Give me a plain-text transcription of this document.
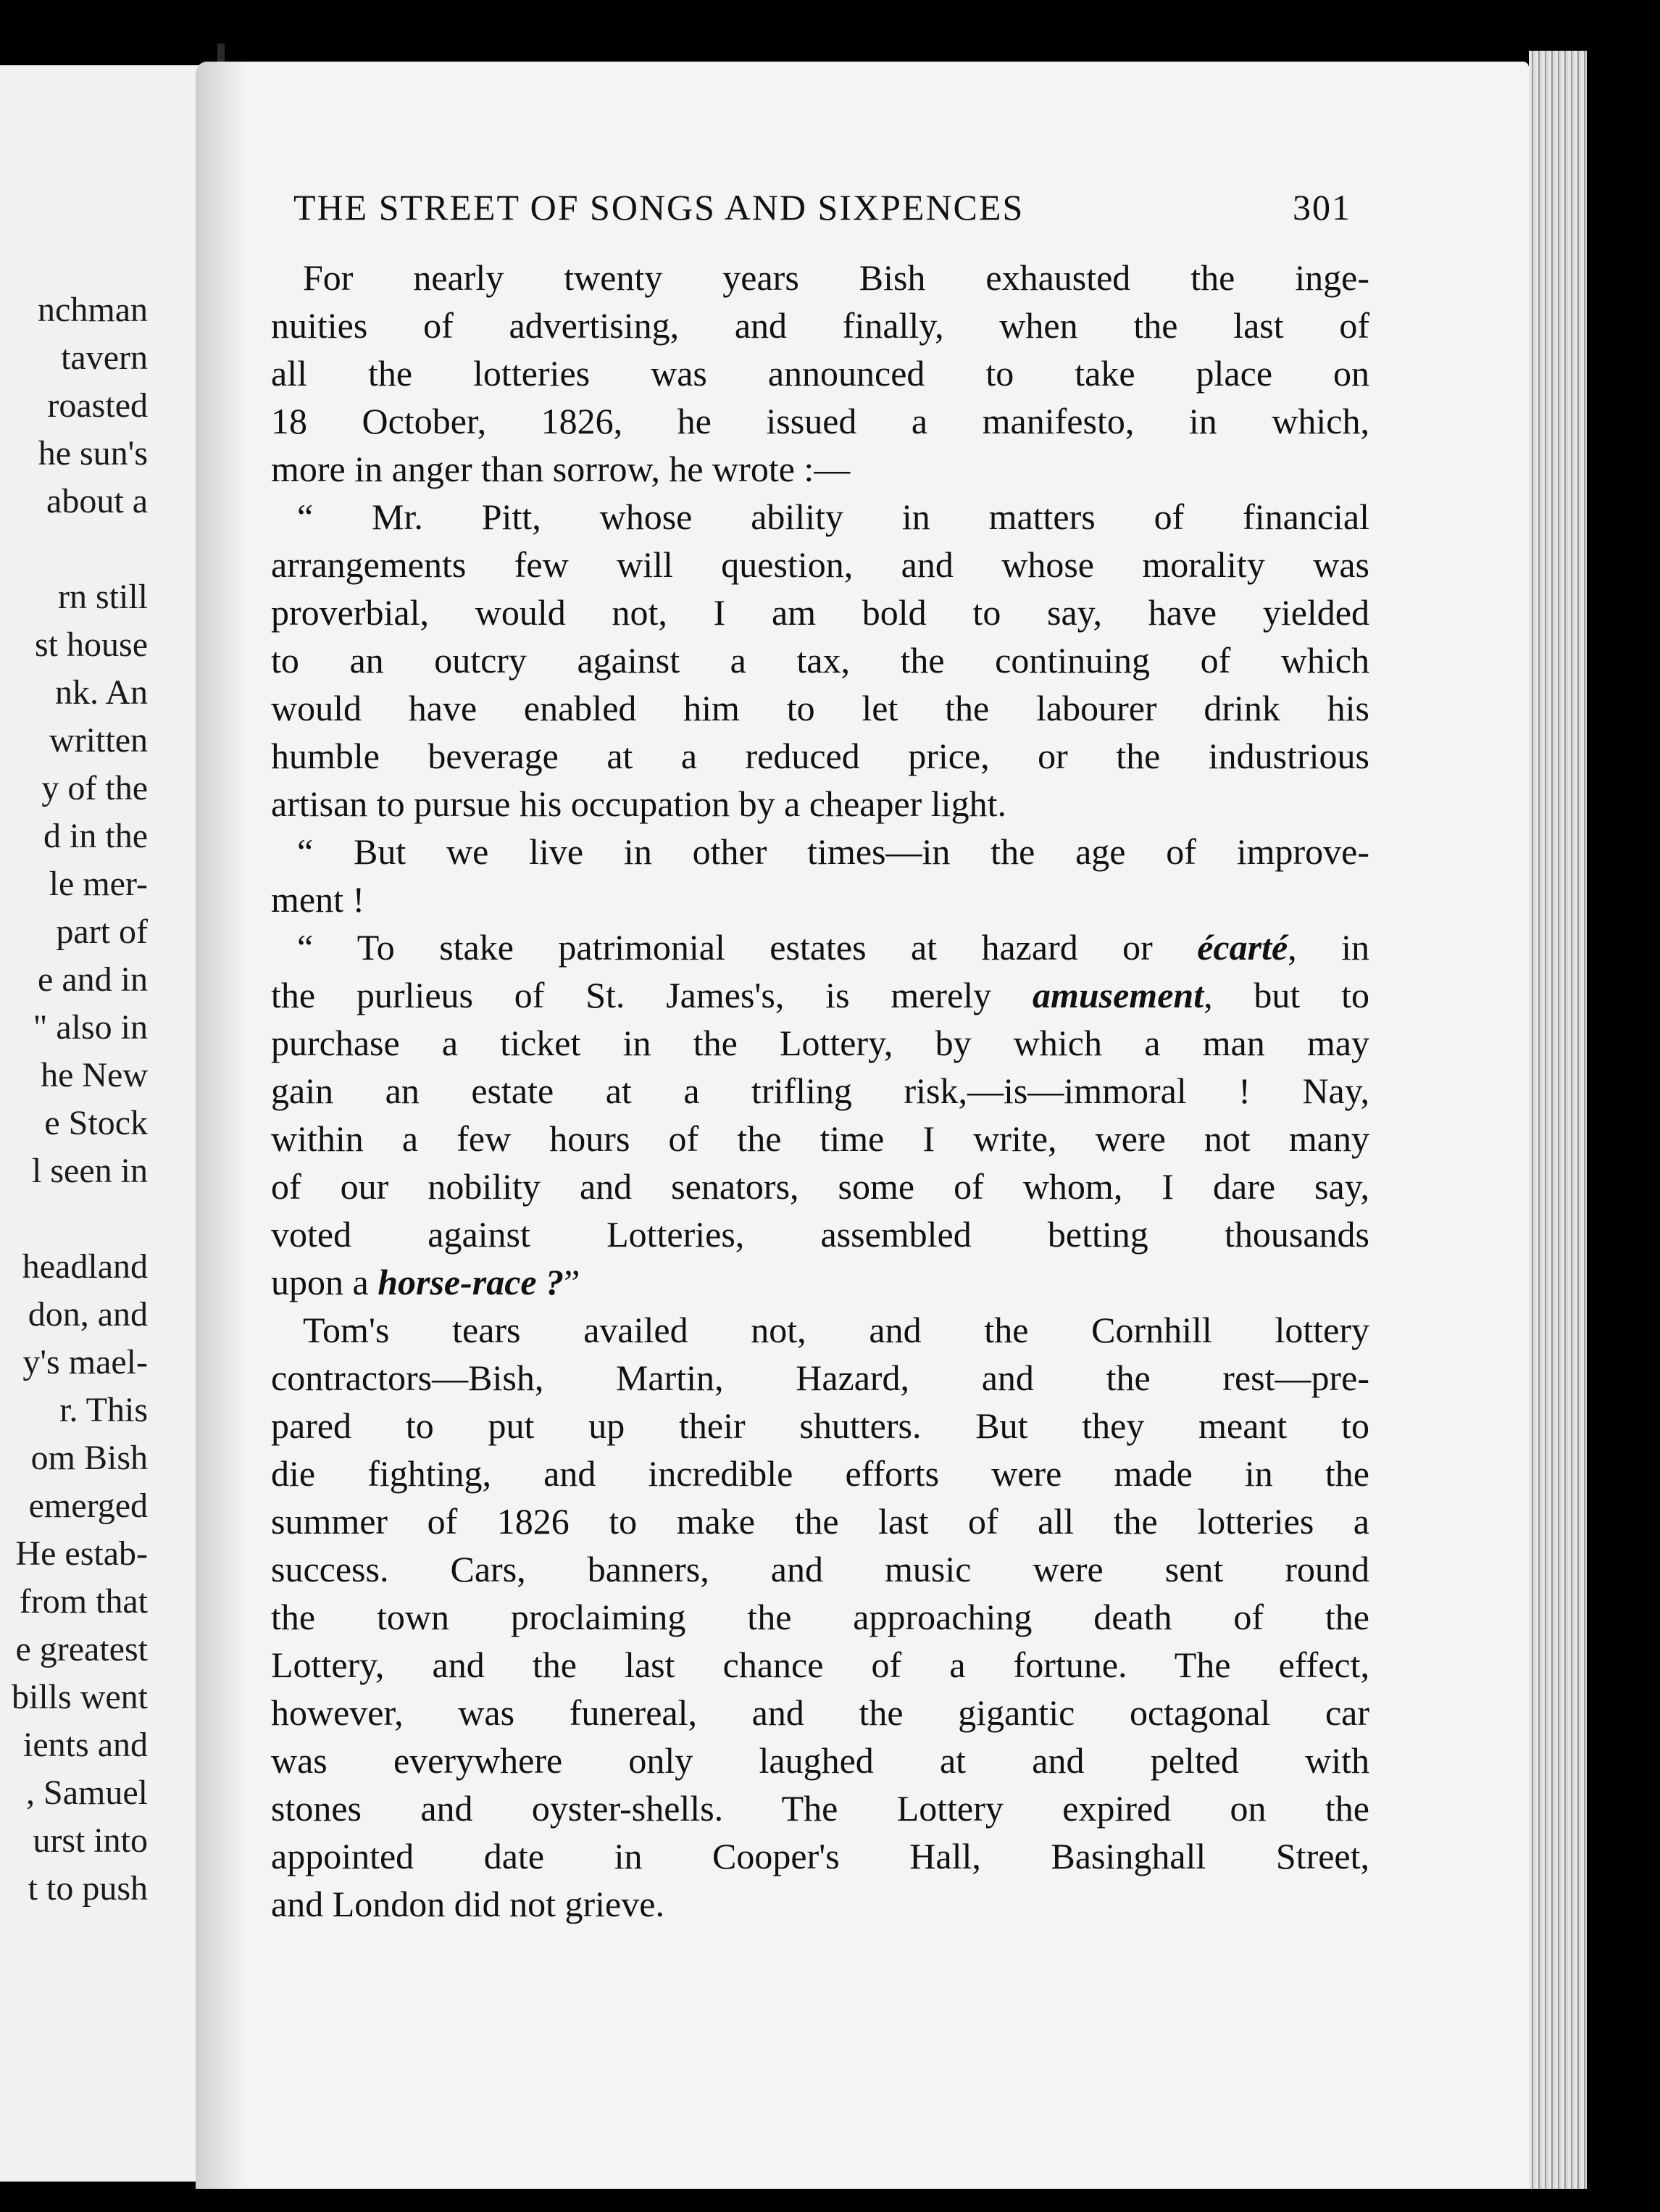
nchman
tavern
roasted
he sun's
about a
rn still
st house
nk. An
written
y of the
d in the
le mer-
part of
e and in
" also in
he New
e Stock
l seen in
headland
don, and
y's mael-
r. This
om Bish
emerged
He estab-
from that
e greatest
bills went
ients and
, Samuel
urst into
t to push
THE STREET OF SONGS AND SIXPENCES	301
For nearly twenty years Bish exhausted the inge-
nuities of advertising, and finally, when the last of
all the lotteries was announced to take place on
18 October, 1826, he issued a manifesto, in which,
more in anger than sorrow, he wrote :—
“ Mr. Pitt, whose ability in matters of financial
arrangements few will question, and whose morality was
proverbial, would not, I am bold to say, have yielded
to an outcry against a tax, the continuing of which
would have enabled him to let the labourer drink his
humble beverage at a reduced price, or the industrious
artisan to pursue his occupation by a cheaper light.
“ But we live in other times—in the age of improve-
ment !
“ To stake patrimonial estates at hazard or écarté, in
the purlieus of St. James's, is merely amusement, but to
purchase a ticket in the Lottery, by which a man may
gain an estate at a trifling risk,—is—immoral ! Nay,
within a few hours of the time I write, were not many
of our nobility and senators, some of whom, I dare say,
voted against Lotteries, assembled betting thousands
upon a horse-race ?”
Tom's tears availed not, and the Cornhill lottery
contractors—Bish, Martin, Hazard, and the rest—pre-
pared to put up their shutters. But they meant to
die fighting, and incredible efforts were made in the
summer of 1826 to make the last of all the lotteries a
success. Cars, banners, and music were sent round
the town proclaiming the approaching death of the
Lottery, and the last chance of a fortune. The effect,
however, was funereal, and the gigantic octagonal car
was everywhere only laughed at and pelted with
stones and oyster-shells. The Lottery expired on the
appointed date in Cooper's Hall, Basinghall Street,
and London did not grieve.
